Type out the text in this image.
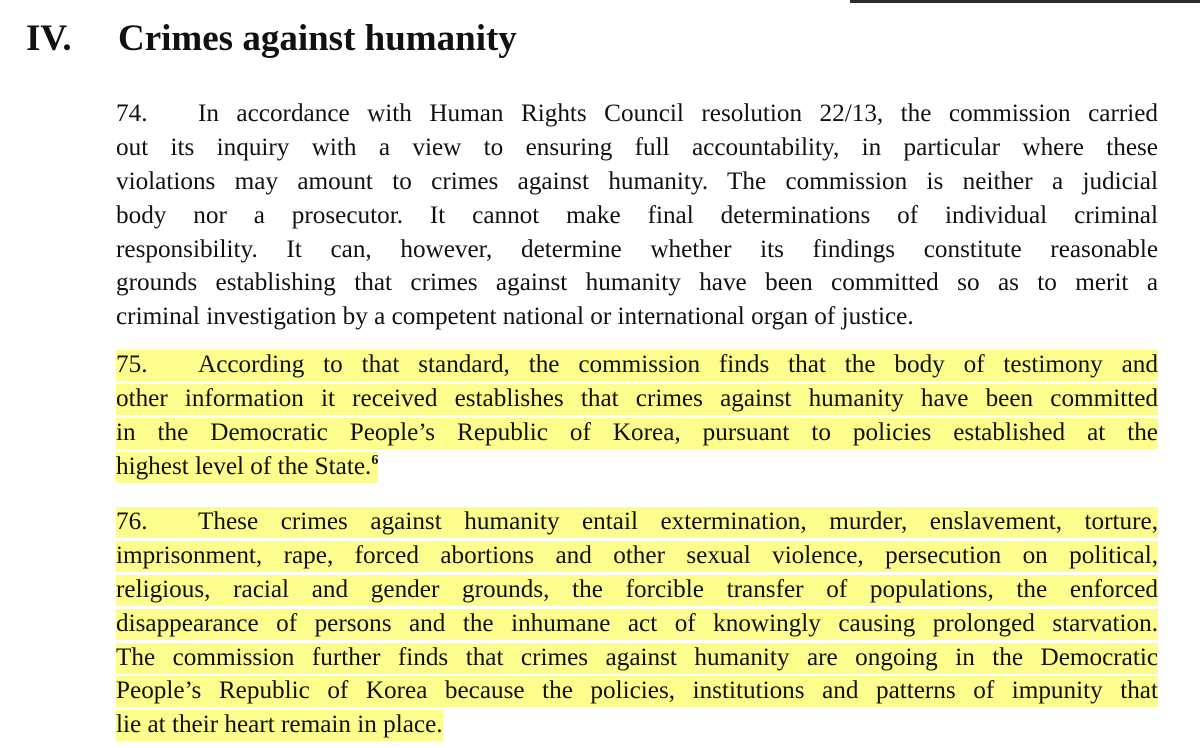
IV. Crimes against humanity
74. In accordance with Human Rights Council resolution 22/13, the commission carried
out its inquiry with a view to ensuring full accountability, in particular where these
violations may amount to crimes against humanity. The commission is neither a judicial
body nor a prosecutor. It cannot make final determinations of individual criminal
responsibility. It can, however, determine whether its findings constitute reasonable
grounds establishing that crimes against humanity have been committed so as to merit a
criminal investigation by a competent national or international organ of justice.
75. According to that standard, the commission finds that the body of testimony and
other information it received establishes that crimes against humanity have been committed
in the Democratic People’s Republic of Korea, pursuant to policies established at the
highest level of the State.$^6$
76. These crimes against humanity entail extermination, murder, enslavement, torture,
imprisonment, rape, forced abortions and other sexual violence, persecution on political,
religious, racial and gender grounds, the forcible transfer of populations, the enforced
disappearance of persons and the inhumane act of knowingly causing prolonged starvation.
The commission further finds that crimes against humanity are ongoing in the Democratic
People’s Republic of Korea because the policies, institutions and patterns of impunity that
lie at their heart remain in place.
